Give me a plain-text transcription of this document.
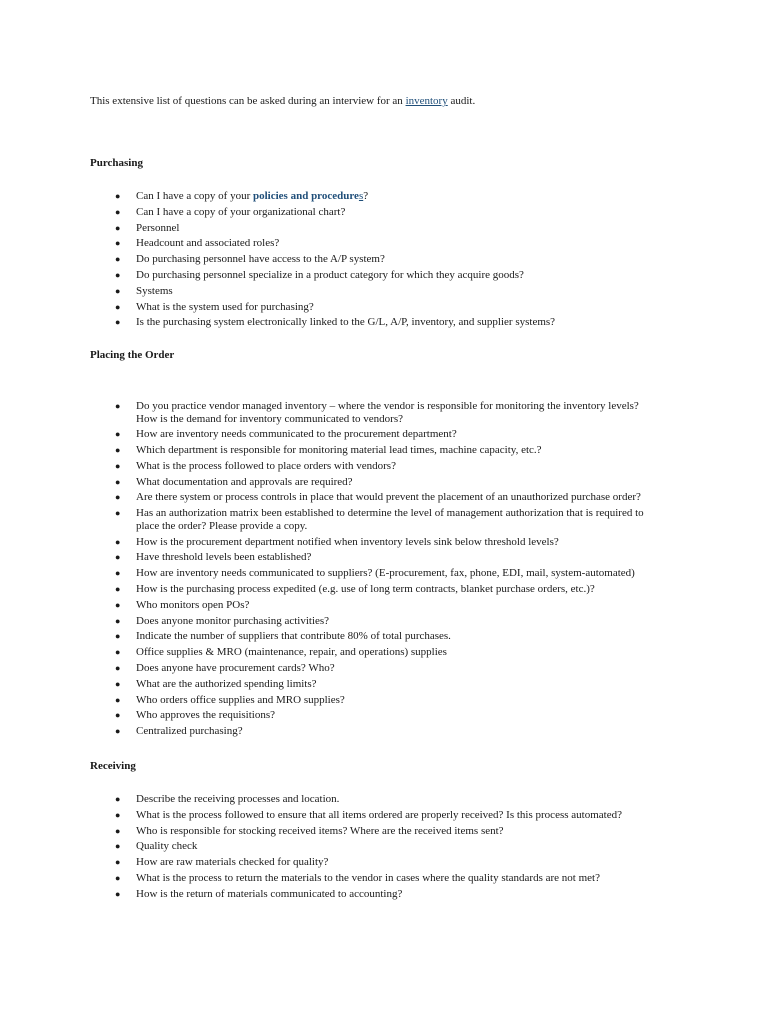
This extensive list of questions can be asked during an interview for an inventory audit.

Purchasing
● Can I have a copy of your policies and procedures?
● Can I have a copy of your organizational chart?
● Personnel
● Headcount and associated roles?
● Do purchasing personnel have access to the A/P system?
● Do purchasing personnel specialize in a product category for which they acquire goods?
● Systems
● What is the system used for purchasing?
● Is the purchasing system electronically linked to the G/L, A/P, inventory, and supplier systems?
Placing the Order
● Do you practice vendor managed inventory – where the vendor is responsible for monitoring the inventory levels? How is the demand for inventory communicated to vendors?
● How are inventory needs communicated to the procurement department?
● Which department is responsible for monitoring material lead times, machine capacity, etc.?
● What is the process followed to place orders with vendors?
● What documentation and approvals are required?
● Are there system or process controls in place that would prevent the placement of an unauthorized purchase order?
● Has an authorization matrix been established to determine the level of management authorization that is required to place the order? Please provide a copy.
● How is the procurement department notified when inventory levels sink below threshold levels?
● Have threshold levels been established?
● How are inventory needs communicated to suppliers? (E-procurement, fax, phone, EDI, mail, system-automated)
● How is the purchasing process expedited (e.g. use of long term contracts, blanket purchase orders, etc.)?
● Who monitors open POs?
● Does anyone monitor purchasing activities?
● Indicate the number of suppliers that contribute 80% of total purchases.
● Office supplies & MRO (maintenance, repair, and operations) supplies
● Does anyone have procurement cards? Who?
● What are the authorized spending limits?
● Who orders office supplies and MRO supplies?
● Who approves the requisitions?
● Centralized purchasing?
Receiving
● Describe the receiving processes and location.
● What is the process followed to ensure that all items ordered are properly received? Is this process automated?
● Who is responsible for stocking received items? Where are the received items sent?
● Quality check
● How are raw materials checked for quality?
● What is the process to return the materials to the vendor in cases where the quality standards are not met?
● How is the return of materials communicated to accounting?
